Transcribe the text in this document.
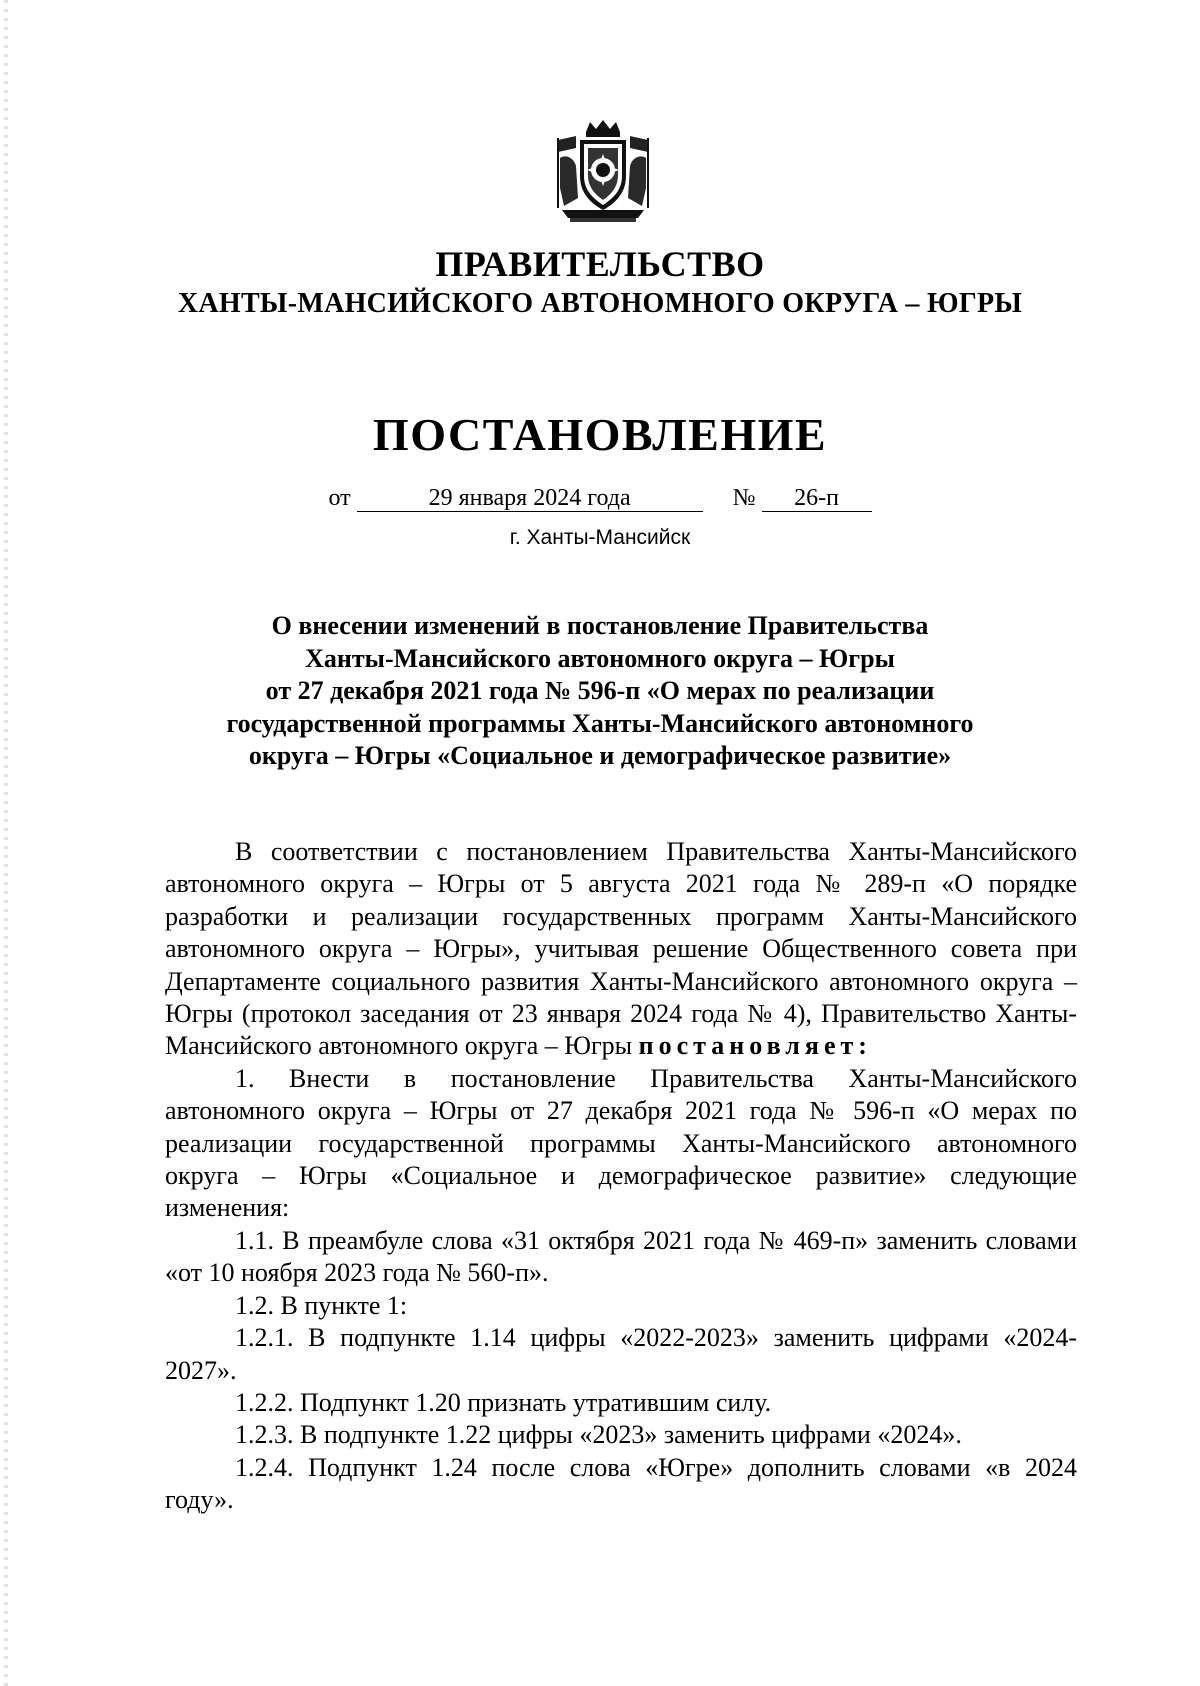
ПРАВИТЕЛЬСТВО
ХАНТЫ-МАНСИЙСКОГО АВТОНОМНОГО ОКРУГА – ЮГРЫ
ПОСТАНОВЛЕНИЕ
от	29 января 2024 года	№ 26-п
г. Ханты-Мансийск
О внесении изменений в постановление Правительства
Ханты-Мансийского автономного округа – Югры
от 27 декабря 2021 года № 596-п «О мерах по реализации
государственной программы Ханты-Мансийского автономного
округа – Югры «Социальное и демографическое развитие»

В соответствии с постановлением Правительства Ханты-Мансийского автономного округа – Югры от 5 августа 2021 года № 289-п «О порядке разработки и реализации государственных программ Ханты-Мансийского автономного округа – Югры», учитывая решение Общественного совета при Департаменте социального развития Ханты-Мансийского автономного округа – Югры (протокол заседания от 23 января 2024 года № 4), Правительство Ханты-Мансийского автономного округа – Югры постановляет:

1. Внести в постановление Правительства Ханты-Мансийского автономного округа – Югры от 27 декабря 2021 года № 596-п «О мерах по реализации государственной программы Ханты-Мансийского автономного округа – Югры «Социальное и демографическое развитие» следующие изменения:

1.1. В преамбуле слова «31 октября 2021 года № 469-п» заменить словами «от 10 ноября 2023 года № 560-п».

1.2. В пункте 1:

1.2.1. В подпункте 1.14 цифры «2022-2023» заменить цифрами «2024-2027».

1.2.2. Подпункт 1.20 признать утратившим силу.

1.2.3. В подпункте 1.22 цифры «2023» заменить цифрами «2024».

1.2.4. Подпункт 1.24 после слова «Югре» дополнить словами «в 2024 году».
